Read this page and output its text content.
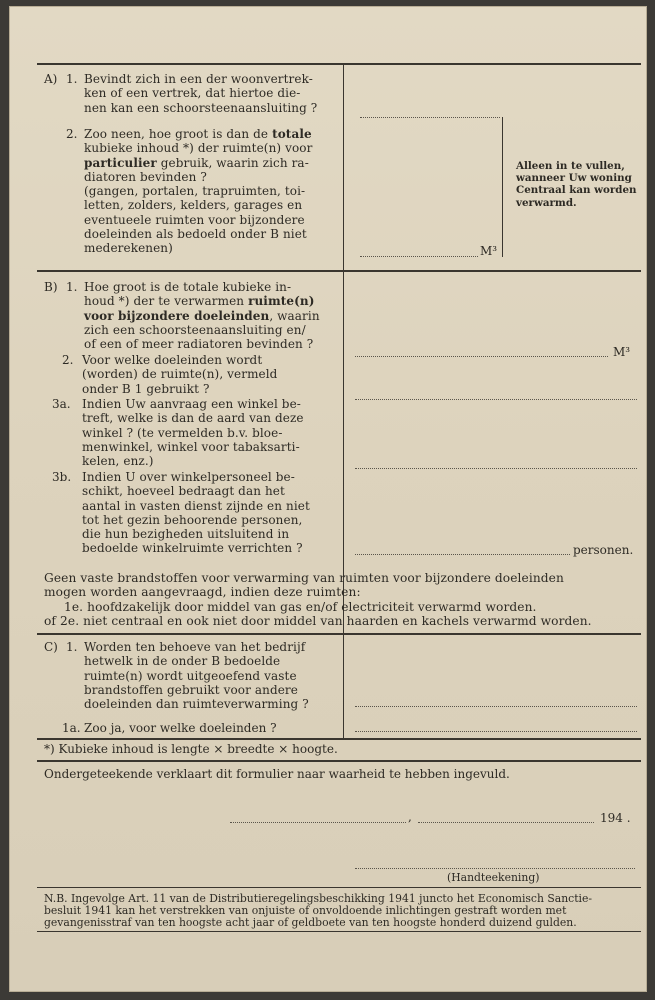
A) 1. Bevindt zich in een der woonvertrek-
ken of een vertrek, dat hiertoe die-
nen kan een schoorsteenaansluiting ?
2. Zoo neen, hoe groot is dan de totale
kubieke inhoud *) der ruimte(n) voor
particulier gebruik, waarin zich ra-
diatoren bevinden ?
(gangen, portalen, trapruimten, toi-
letten, zolders, kelders, garages en
eventueele ruimten voor bijzondere
doeleinden als bedoeld onder B niet
mederekenen)	M³
Alleen in te vullen,
wanneer Uw woning
Centraal kan worden
verwarmd.
B) 1. Hoe groot is de totale kubieke in-
houd *) der te verwarmen ruimte(n)
voor bijzondere doeleinden, waarin
zich een schoorsteenaansluiting en/
of een of meer radiatoren bevinden ?
2. Voor welke doeleinden wordt
(worden) de ruimte(n), vermeld
onder B 1 gebruikt ?
3a. Indien Uw aanvraag een winkel be-
treft, welke is dan de aard van deze
winkel ? (te vermelden b.v. bloe-
menwinkel, winkel voor tabaksarti-
kelen, enz.)
3b. Indien U over winkelpersoneel be-
schikt, hoeveel bedraagt dan het
aantal in vasten dienst zijnde en niet
tot het gezin behoorende personen,
die hun bezigheden uitsluitend in
bedoelde winkelruimte verrichten ?
M³
personen.
Geen vaste brandstoffen voor verwarming van ruimten voor bijzondere doeleinden
mogen worden aangevraagd, indien deze ruimten:
1e. hoofdzakelijk door middel van gas en/of electriciteit verwarmd worden.
of 2e. niet centraal en ook niet door middel van haarden en kachels verwarmd worden.
C) 1. Worden ten behoeve van het bedrijf
hetwelk in de onder B bedoelde
ruimte(n) wordt uitgeoefend vaste
brandstoffen gebruikt voor andere
doeleinden dan ruimteverwarming ?
1a. Zoo ja, voor welke doeleinden ?
*) Kubieke inhoud is lengte × breedte × hoogte.
Ondergeteekende verklaart dit formulier naar waarheid te hebben ingevuld.
,	194 .
(Handteekening)
N.B. Ingevolge Art. 11 van de Distributieregelingsbeschikking 1941 juncto het Economisch Sanctie-
besluit 1941 kan het verstrekken van onjuiste of onvoldoende inlichtingen gestraft worden met
gevangenisstraf van ten hoogste acht jaar of geldboete van ten hoogste honderd duizend gulden.
